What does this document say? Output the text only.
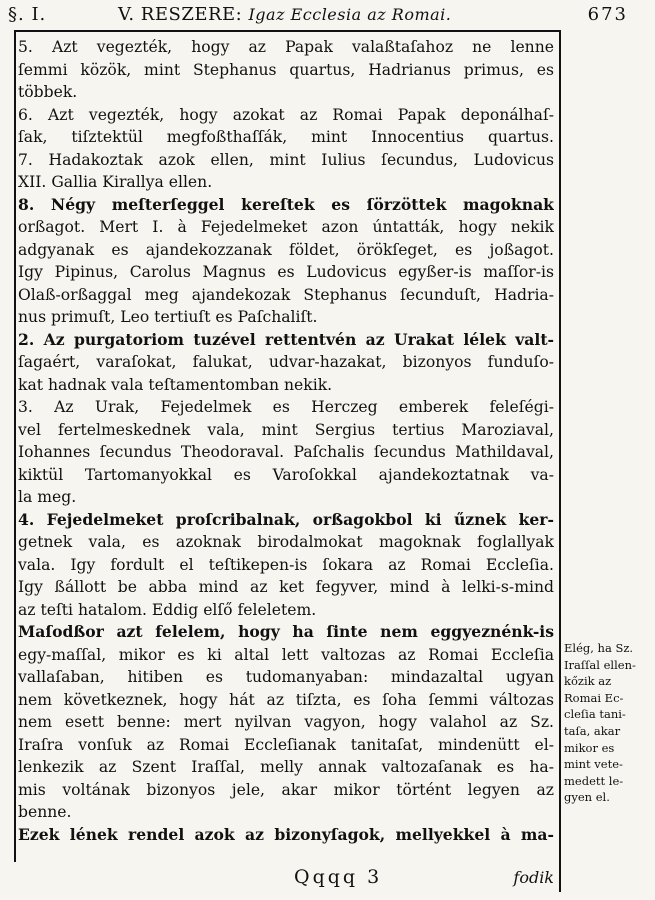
§. I.	V. RESZERE: Igaz Ecclesia az Romai.	673
5. Azt vegezték, hogy az Papak valaßtaſahoz ne lenne
ſemmi közök, mint Stephanus quartus, Hadrianus primus, es
többek.
6. Azt vegezték, hogy azokat az Romai Papak deponálhaſ-
ſak, tiſztektül megfoßthaſſák, mint Innocentius quartus.
7. Hadakoztak azok ellen, mint Iulius ſecundus, Ludovicus
XII. Gallia Kirallya ellen.
8. Négy meſterſeggel kereſtek es ſörzöttek magoknak
orßagot. Mert I. à Fejedelmeket azon úntatták, hogy nekik
adgyanak es ajandekozzanak földet, örökſeget, es joßagot.
Igy Pipinus, Carolus Magnus es Ludovicus egyßer-is maſſor-is
Olaß-orßaggal meg ajandekozak Stephanus ſecunduſt, Hadria-
nus primuſt, Leo tertiuſt es Paſchaliſt.
2. Az purgatoriom tuzével rettentvén az Urakat lélek valt-
ſagaért, varaſokat, falukat, udvar-hazakat, bizonyos funduſo-
kat hadnak vala teſtamentomban nekik.
3. Az Urak, Fejedelmek es Herczeg emberek feleſégi-
vel fertelmeskednek vala, mint Sergius tertius Maroziaval,
Iohannes ſecundus Theodoraval. Paſchalis ſecundus Mathildaval,
kiktül Tartomanyokkal es Varoſokkal ajandekoztatnak va-
la meg.
4. Fejedelmeket proſcribalnak, orßagokbol ki űznek ker-
getnek vala, es azoknak birodalmokat magoknak foglallyak
vala. Igy fordult el teſtikepen-is ſokara az Romai Eccleſia.
Igy ßállott be abba mind az ket fegyver, mind à lelki-s-mind
az teſti hatalom. Eddig elſő feleletem.
Maſodßor azt felelem, hogy ha ſinte nem eggyeznénk-is
egy-maſſal, mikor es ki altal lett valtozas az Romai Eccleſia
vallaſaban, hitiben es tudomanyaban: mindazaltal ugyan
nem következnek, hogy hát az tiſzta, es ſoha ſemmi változas
nem esett benne: mert nyilvan vagyon, hogy valahol az Sz.
Iraſra vonſuk az Romai Eccleſianak tanitaſat, mindenütt el-
lenkezik az Szent Iraſſal, melly annak valtozaſanak es ha-
mis voltának bizonyos jele, akar mikor történt legyen az
benne.
Ezek lének rendel azok az bizonyſagok, mellyekkel à ma-
Elég, ha Sz.
Iraſſal ellen-
kőzik az
Romai Ec-
cleſia tani-
taſa, akar
mikor es
mint vete-
medett le-
gyen el.
Qqqq 3	fodik
